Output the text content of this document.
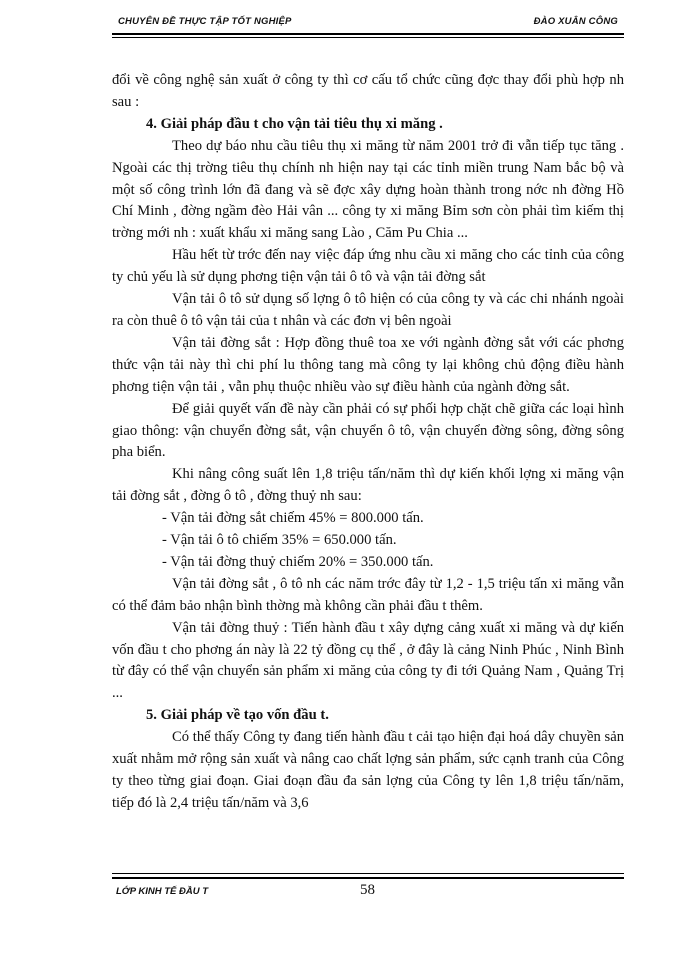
CHUYÊN ĐỀ THỰC TẬP TỐT NGHIỆP	ĐÀO XUÂN CÔNG

đổi về công nghệ sản xuất ở công ty thì cơ cấu tổ chức cũng đợc thay đổi phù hợp nh sau :

4. Giải pháp đầu t cho vận tải tiêu thụ xi măng .

Theo dự báo nhu cầu tiêu thụ xi măng từ năm 2001 trở đi vẫn tiếp tục tăng . Ngoài các thị trờng tiêu thụ chính nh hiện nay tại các tỉnh miền trung Nam bắc bộ và một số công trình lớn đã đang và sẽ đợc xây dựng hoàn thành trong nớc nh đờng Hồ Chí Minh , đờng ngầm đèo Hải vân ... công ty xi măng Bỉm sơn còn phải tìm kiếm thị trờng mới nh : xuất khẩu xi măng sang Lào , Căm Pu Chia ...

Hầu hết từ trớc đến nay việc đáp ứng nhu cầu xi măng cho các tỉnh của công ty chủ yếu là sử dụng phơng tiện vận tải ô tô và vận tải đờng sắt

Vận tải ô tô sử dụng số lợng ô tô hiện có của công ty và các chi nhánh ngoài ra còn thuê ô tô vận tải của t nhân và các đơn vị bên ngoài

Vận tải đờng sắt : Hợp đồng thuê toa xe với ngành đờng sắt với các phơng thức vận tải này thì chi phí lu thông tang mà công ty lại không chủ động điều hành phơng tiện vận tải , vẫn phụ thuộc nhiều vào sự điều hành của ngành đờng sắt.

Để giải quyết vấn đề này cần phải có sự phối hợp chặt chẽ giữa các loại hình giao thông: vận chuyển đờng sắt, vận chuyển ô tô, vận chuyển đờng sông, đờng sông pha biển.

Khi nâng công suất lên 1,8 triệu tấn/năm thì dự kiến khối lợng xi măng vận tải đờng sắt , đờng ô tô , đờng thuỷ nh sau:

- Vận tải đờng sắt chiếm 45% = 800.000 tấn.

- Vận tải ô tô chiếm 35% = 650.000 tấn.

- Vận tải đờng thuỷ chiếm 20% = 350.000 tấn.

Vận tải đờng sắt , ô tô nh các năm trớc đây từ 1,2 - 1,5 triệu tấn xi măng vẫn có thể đảm bảo nhận bình thờng mà không cần phải đầu t thêm.

Vận tải đờng thuỷ : Tiến hành đầu t xây dựng cảng xuất xi măng và dự kiến vốn đầu t cho phơng án này là 22 tỷ đồng cụ thể , ở đây là cảng Ninh Phúc , Ninh Bình từ đây có thể vận chuyển sản phẩm xi măng của công ty đi tới Quảng Nam , Quảng Trị ...

5. Giải pháp về tạo vốn đầu t.

Có thể thấy Công ty đang tiến hành đầu t cải tạo hiện đại hoá dây chuyền sản xuất nhằm mở rộng sản xuất và nâng cao chất lợng sản phẩm, sức cạnh tranh của Công ty theo từng giai đoạn. Giai đoạn đầu đa sản lợng của Công ty lên 1,8 triệu tấn/năm, tiếp đó là 2,4 triệu tấn/năm và 3,6

LỚP KINH TẾ ĐẦU T	58
